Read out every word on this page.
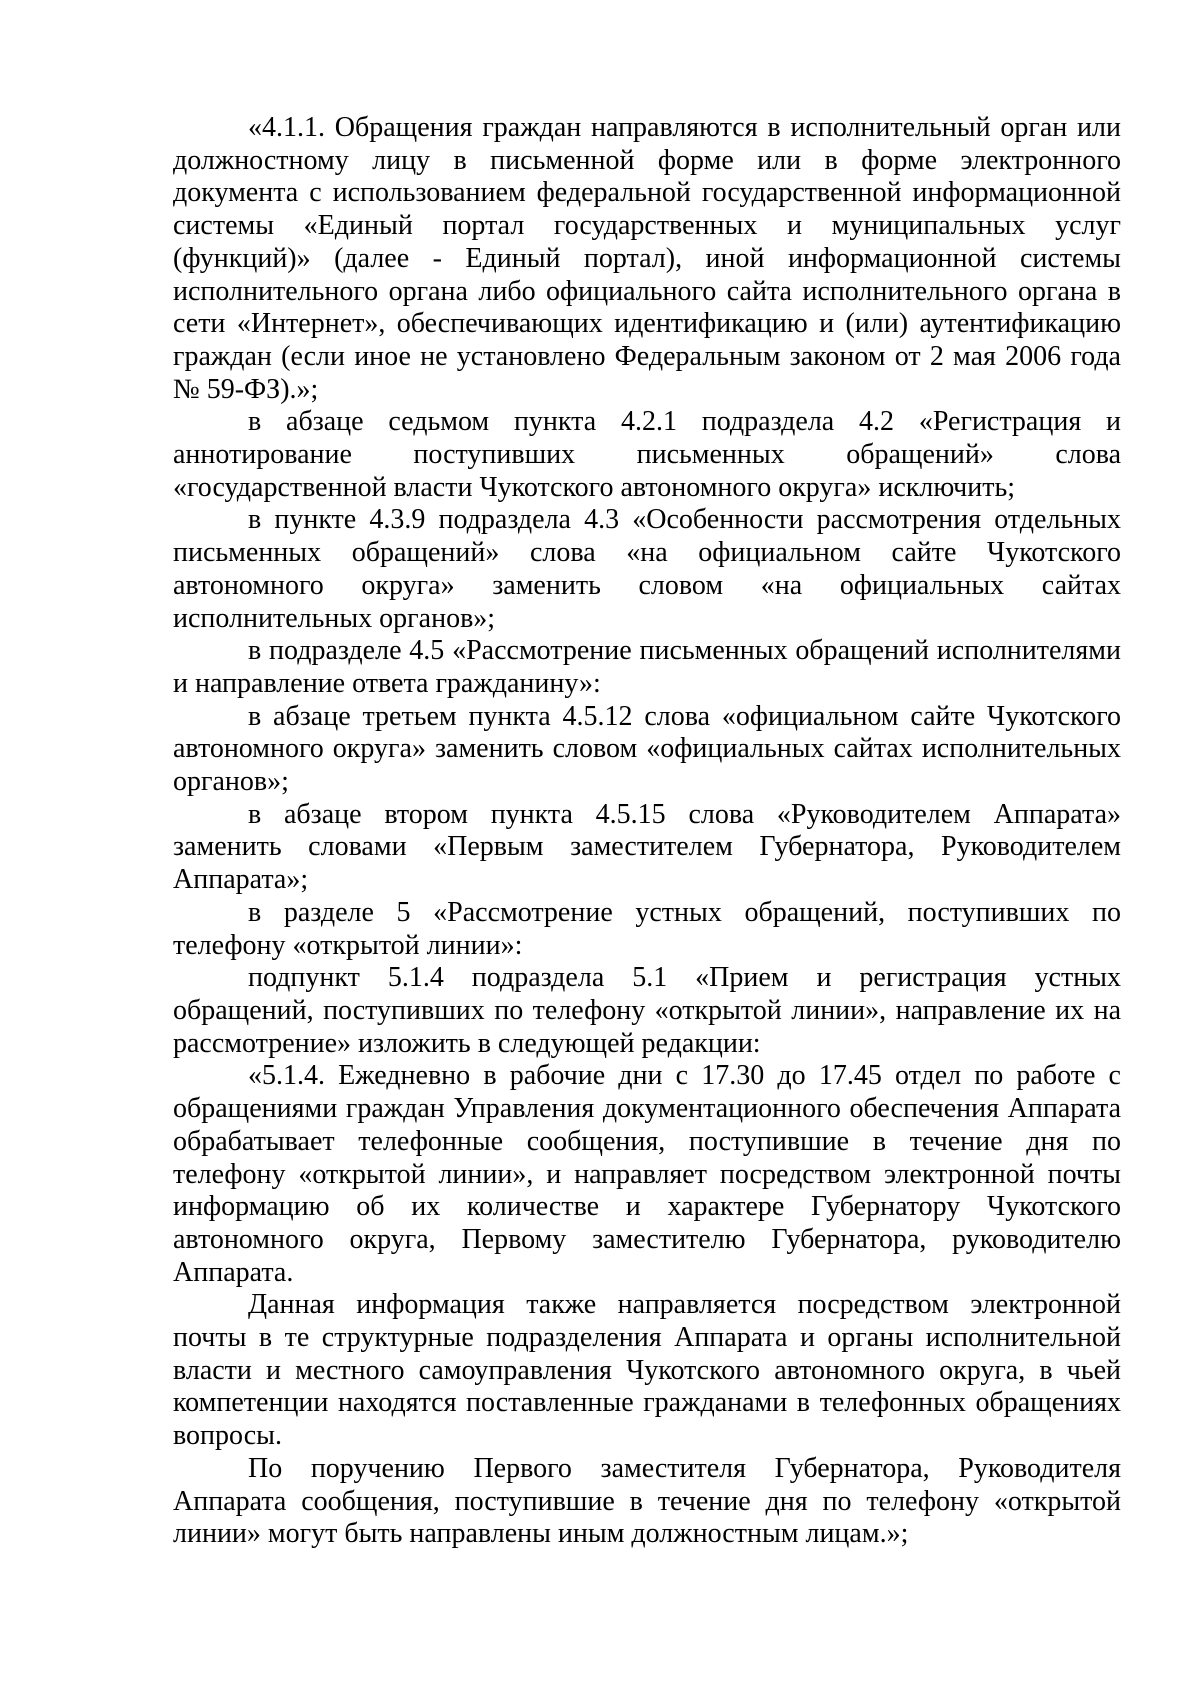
«4.1.1. Обращения граждан направляются в исполнительный орган или должностному лицу в письменной форме или в форме электронного документа с использованием федеральной государственной информационной системы «Единый портал государственных и муниципальных услуг (функций)» (далее - Единый портал), иной информационной системы исполнительного органа либо официального сайта исполнительного органа в сети «Интернет», обеспечивающих идентификацию и (или) аутентификацию граждан (если иное не установлено Федеральным законом от 2 мая 2006 года № 59-ФЗ).»;

в абзаце седьмом пункта 4.2.1 подраздела 4.2 «Регистрация и аннотирование поступивших письменных обращений» слова «государственной власти Чукотского автономного округа» исключить;

в пункте 4.3.9 подраздела 4.3 «Особенности рассмотрения отдельных письменных обращений» слова «на официальном сайте Чукотского автономного округа» заменить словом «на официальных сайтах исполнительных органов»;

в подразделе 4.5 «Рассмотрение письменных обращений исполнителями и направление ответа гражданину»:

в абзаце третьем пункта 4.5.12 слова «официальном сайте Чукотского автономного округа» заменить словом «официальных сайтах исполнительных органов»;

в абзаце втором пункта 4.5.15 слова «Руководителем Аппарата» заменить словами «Первым заместителем Губернатора, Руководителем Аппарата»;

в разделе 5 «Рассмотрение устных обращений, поступивших по телефону «открытой линии»:

подпункт 5.1.4 подраздела 5.1 «Прием и регистрация устных обращений, поступивших по телефону «открытой линии», направление их на рассмотрение» изложить в следующей редакции:

«5.1.4. Ежедневно в рабочие дни с 17.30 до 17.45 отдел по работе с обращениями граждан Управления документационного обеспечения Аппарата обрабатывает телефонные сообщения, поступившие в течение дня по телефону «открытой линии», и направляет посредством электронной почты информацию об их количестве и характере Губернатору Чукотского автономного округа, Первому заместителю Губернатора, руководителю Аппарата.

Данная информация также направляется посредством электронной почты в те структурные подразделения Аппарата и органы исполнительной власти и местного самоуправления Чукотского автономного округа, в чьей компетенции находятся поставленные гражданами в телефонных обращениях вопросы.

По поручению Первого заместителя Губернатора, Руководителя Аппарата сообщения, поступившие в течение дня по телефону «открытой линии» могут быть направлены иным должностным лицам.»;
